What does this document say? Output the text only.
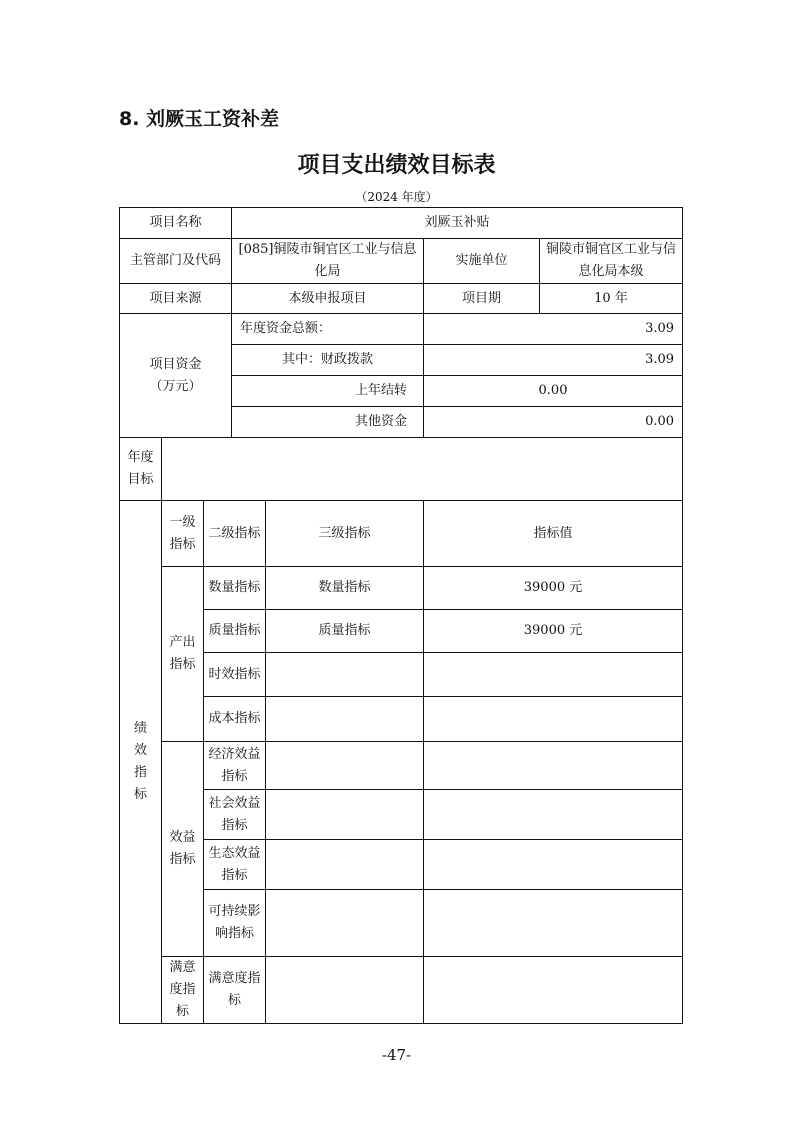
8. 刘厥玉工资补差
项目支出绩效目标表
（2024 年度）
项目名称			刘厥玉补贴			
主管部门及代码			[085]铜陵市铜官区工业与信息化局		实施单位	铜陵市铜官区工业与信息化局本级
项目来源			本级申报项目		项目期	10 年
项目资金（万元）			年度资金总额：		3.09	
			其中：财政拨款		3.09	
			上年结转		0.00	
			其他资金		0.00	
年度目标						
绩效指标	一级指标	二级指标		三级指标	指标值	
	产出指标	数量指标		数量指标	39000 元	
		质量指标		质量指标	39000 元	
		时效指标				
		成本指标				
	效益指标	经济效益指标				
		社会效益指标				
		生态效益指标				
		可持续影响指标				
	满意度指标	满意度指标				
-47-
